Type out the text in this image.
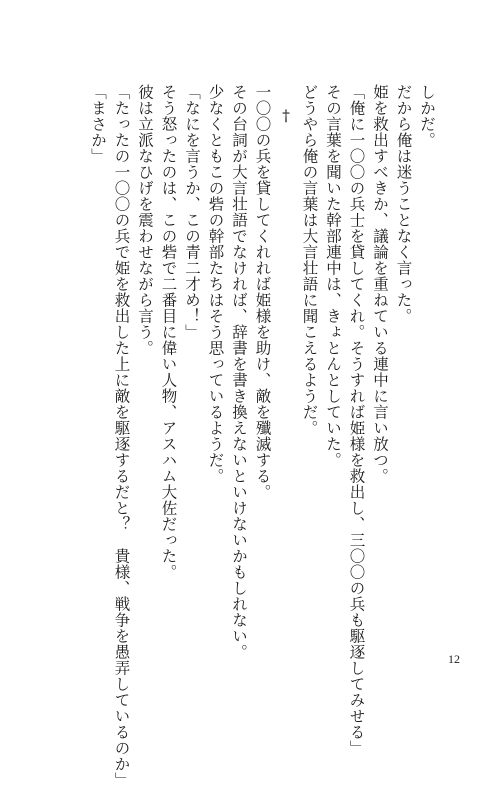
しかだ。
だから俺は迷うことなく言った。
姫を救出すべきか、議論を重ねている連中に言い放つ。
「俺に一〇〇の兵士を貸してくれ。そうすれば姫様を救出し、三〇〇の兵も駆逐してみせる」
その言葉を聞いた幹部連中は、きょとんとしていた。
どうやら俺の言葉は大言壮語に聞こえるようだ。
†
一〇〇の兵を貸してくれれば姫様を助け、敵を殲滅する。
その台詞が大言壮語でなければ、辞書を書き換えないといけないかもしれない。
少なくともこの砦の幹部たちはそう思っているようだ。
「なにを言うか、この青二才め！」
そう怒ったのは、この砦で二番目に偉い人物、アスハム大佐だった。
彼は立派なひげを震わせながら言う。
「たったの一〇〇の兵で姫を救出した上に敵を駆逐するだと？　貴様、戦争を愚弄しているのか」
「まさか」
12
